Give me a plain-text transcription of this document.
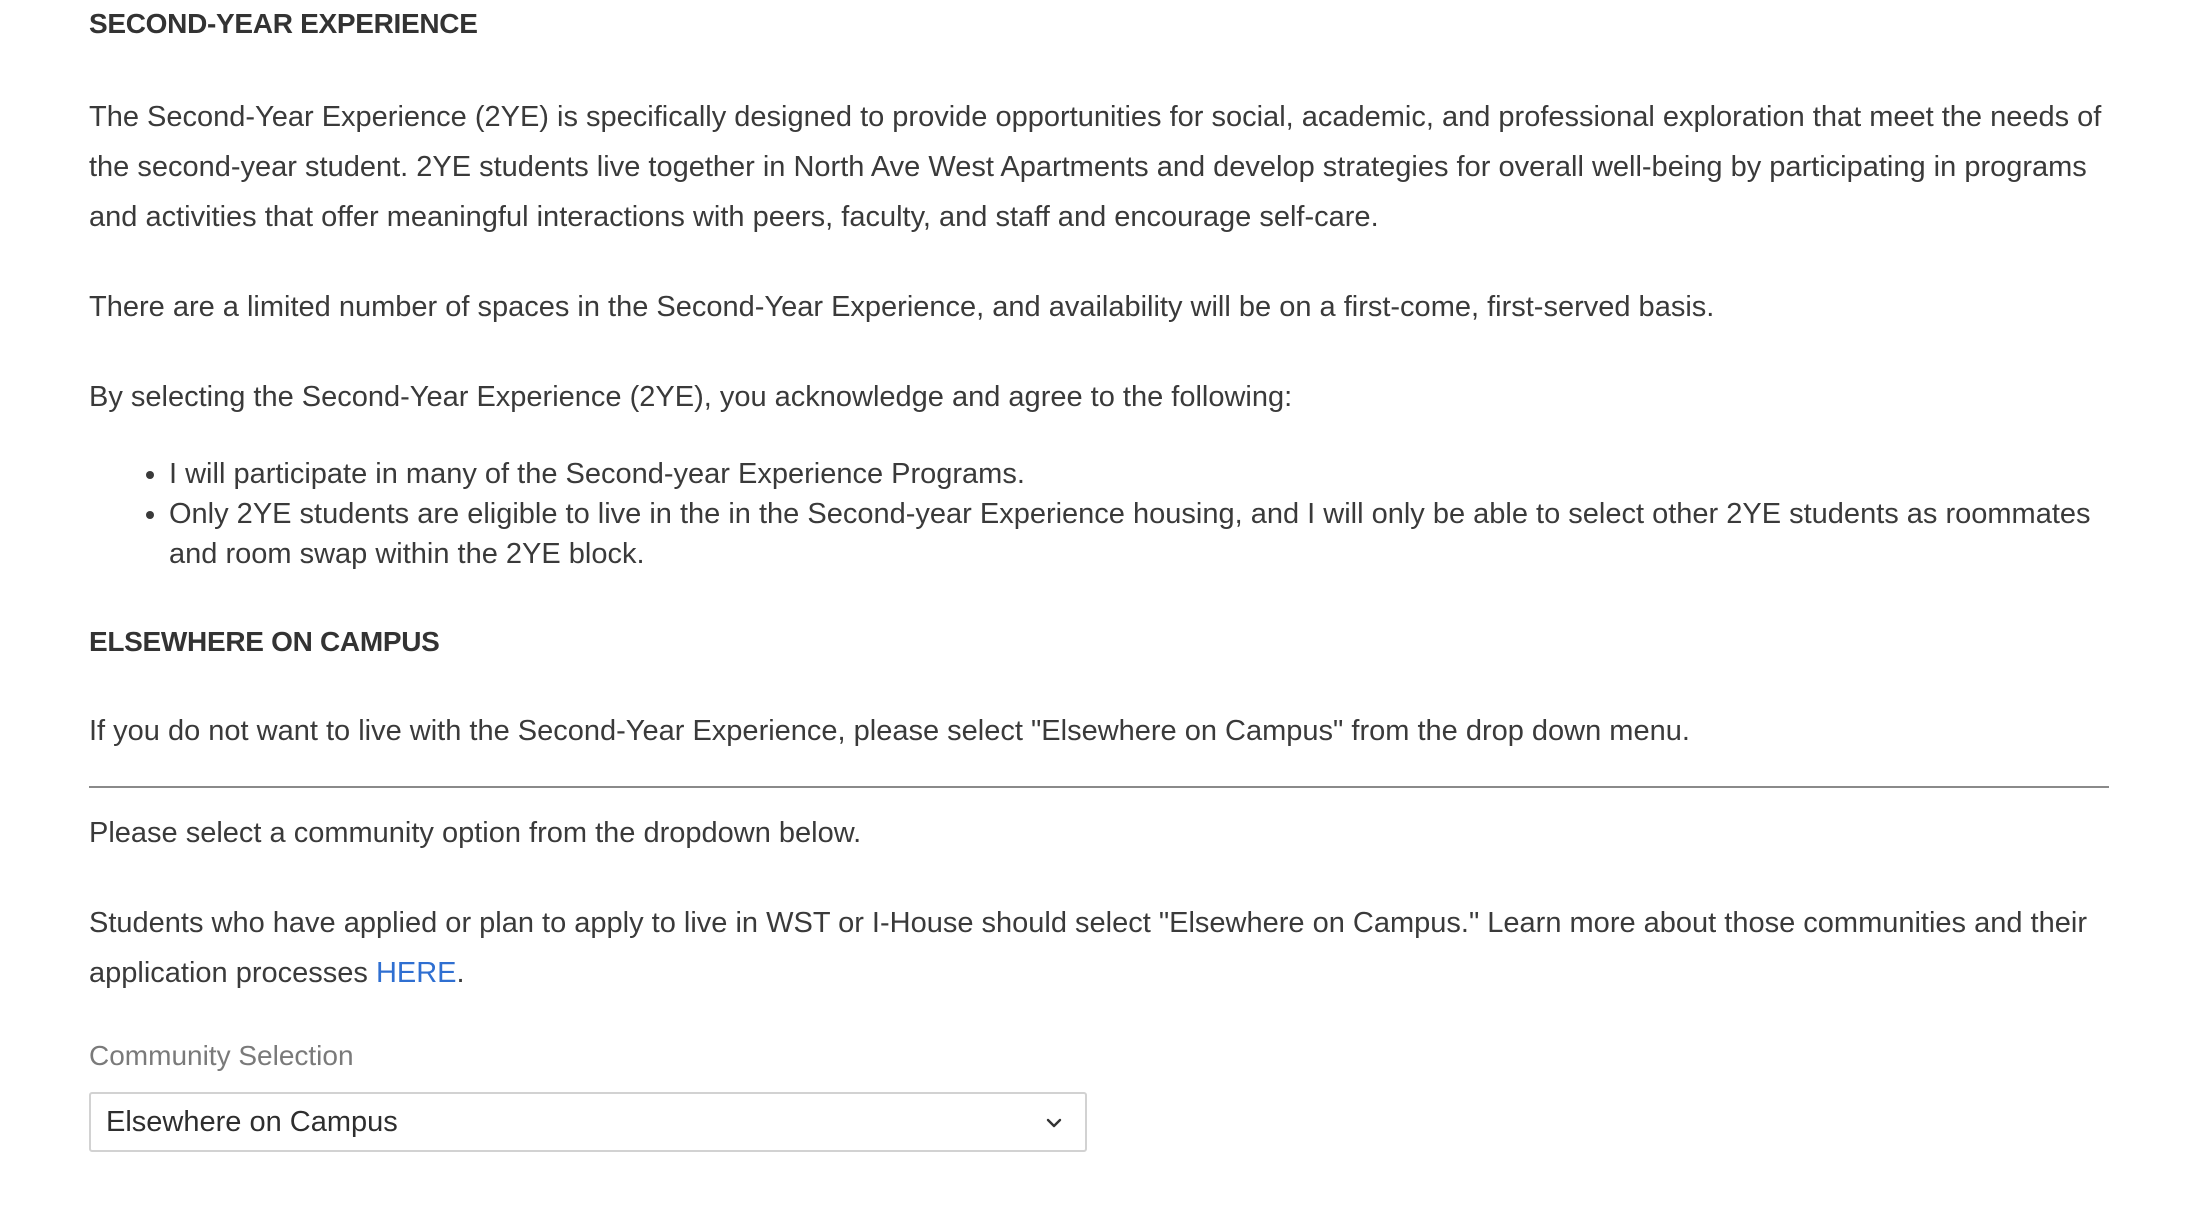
SECOND-YEAR EXPERIENCE

The Second-Year Experience (2YE) is specifically designed to provide opportunities for social, academic, and professional exploration that meet the needs of the second-year student. 2YE students live together in North Ave West Apartments and develop strategies for overall well-being by participating in programs and activities that offer meaningful interactions with peers, faculty, and staff and encourage self-care.

There are a limited number of spaces in the Second-Year Experience, and availability will be on a first-come, first-served basis.

By selecting the Second-Year Experience (2YE), you acknowledge and agree to the following:

• I will participate in many of the Second-year Experience Programs.
• Only 2YE students are eligible to live in the in the Second-year Experience housing, and I will only be able to select other 2YE students as roommates and room swap within the 2YE block.
ELSEWHERE ON CAMPUS

If you do not want to live with the Second-Year Experience, please select "Elsewhere on Campus" from the drop down menu.

Please select a community option from the dropdown below.

Students who have applied or plan to apply to live in WST or I-House should select "Elsewhere on Campus." Learn more about those communities and their application processes HERE.

Community Selection
Elsewhere on Campus
